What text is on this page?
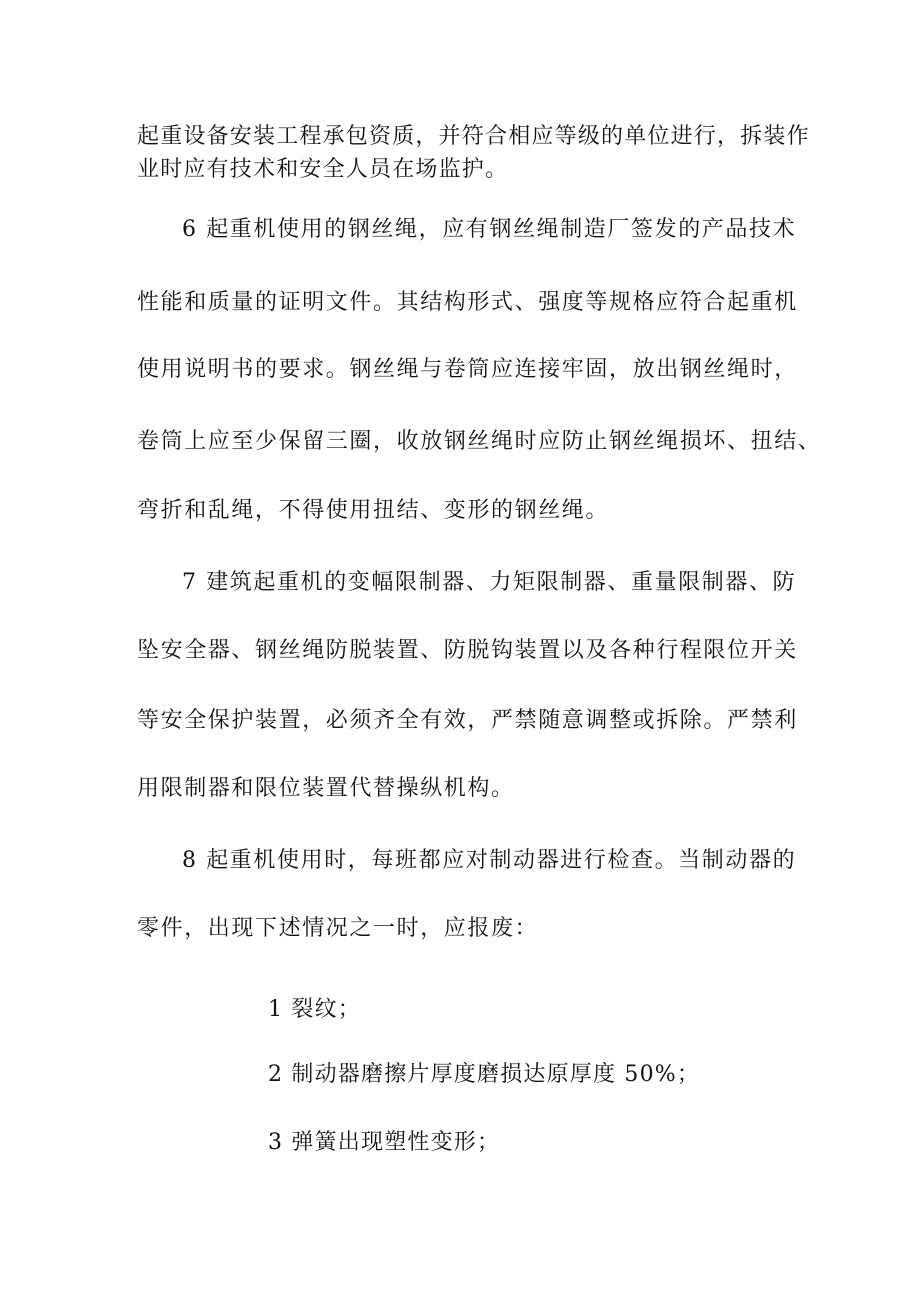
起重设备安装工程承包资质，并符合相应等级的单位进行，拆装作
业时应有技术和安全人员在场监护。
6 起重机使用的钢丝绳，应有钢丝绳制造厂签发的产品技术
性能和质量的证明文件。其结构形式、强度等规格应符合起重机
使用说明书的要求。钢丝绳与卷筒应连接牢固，放出钢丝绳时，
卷筒上应至少保留三圈，收放钢丝绳时应防止钢丝绳损坏、扭结、
弯折和乱绳，不得使用扭结、变形的钢丝绳。
7 建筑起重机的变幅限制器、力矩限制器、重量限制器、防
坠安全器、钢丝绳防脱装置、防脱钩装置以及各种行程限位开关
等安全保护装置，必须齐全有效，严禁随意调整或拆除。严禁利
用限制器和限位装置代替操纵机构。
8 起重机使用时，每班都应对制动器进行检查。当制动器的
零件，出现下述情况之一时，应报废：
1 裂纹；
2 制动器磨擦片厚度磨损达原厚度 50%；
3 弹簧出现塑性变形；
